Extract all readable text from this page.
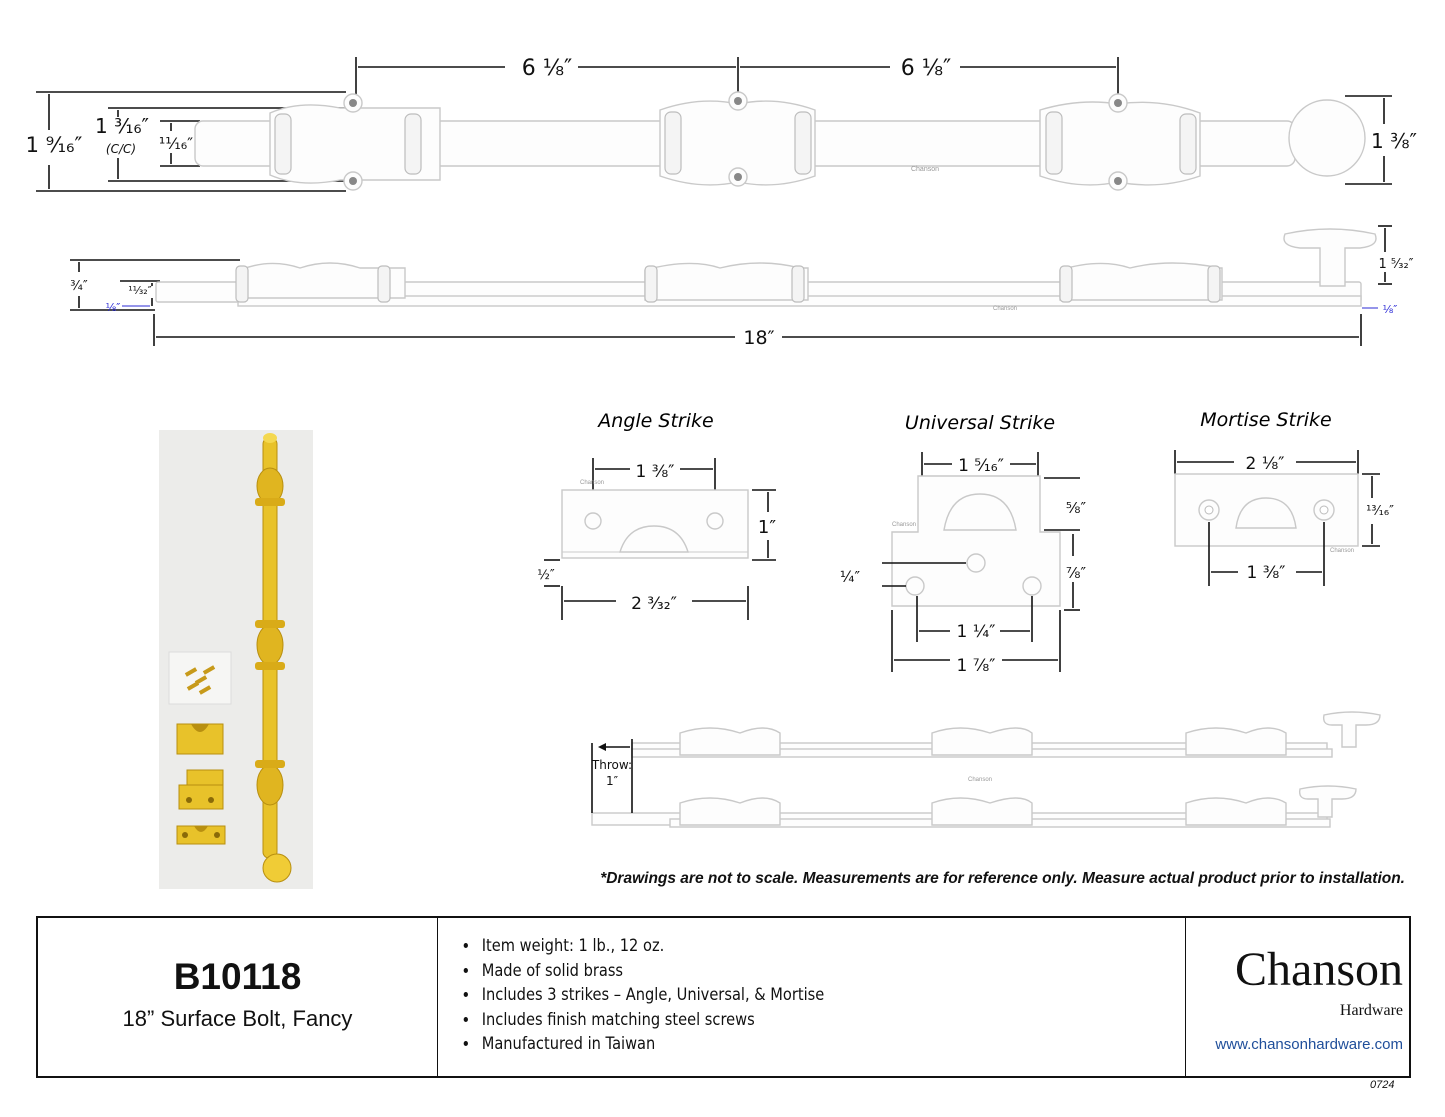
6 ⅛″	6 ⅛″
1 ⁹⁄₁₆″
1 ³⁄₁₆″
(C/C) ¹¹⁄₁₆″
Chanson
1 ⅜″
¾″	¹¹⁄₃₂″
⅛″	Chanson
1 ⁵⁄₃₂″
⅛″
18″
Angle Strike
1 ⅜″
Chanson
1″
½″
2 ³⁄₃₂″
Universal Strike
1 ⁵⁄₁₆″
Chanson
⅝″
⅞″
¼″
1 ¼″
1 ⅞″
Mortise Strike
2 ⅛″
Chanson
¹³⁄₁₆″
1 ⅜″
Chanson
Throw:
1″
*Drawings are not to scale. Measurements are for reference only. Measure actual product prior to installation.
B10118
18” Surface Bolt, Fancy
• Item weight: 1 lb., 12 oz.
• Made of solid brass
• Includes 3 strikes – Angle, Universal, & Mortise
• Includes finish matching steel screws
• Manufactured in Taiwan
Chanson
Hardware
www.chansonhardware.com
0724
